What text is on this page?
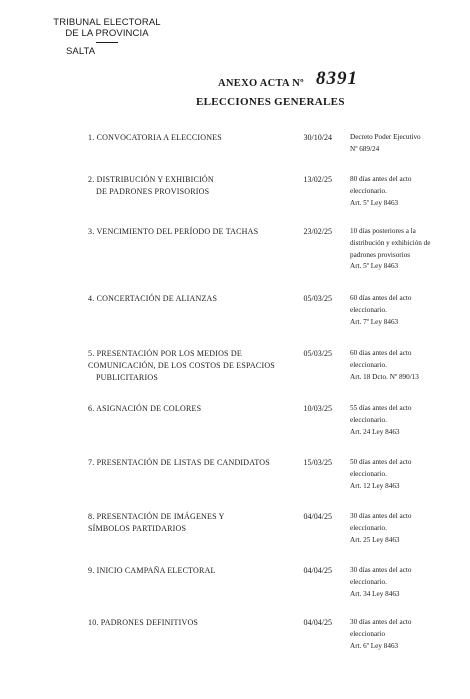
TRIBUNAL ELECTORAL
DE LA PROVINCIA
SALTA
ANEXO ACTA Nº 8391
ELECCIONES GENERALES
1. CONVOCATORIA A ELECCIONES	30/10/24	Decreto Poder Ejecutivo
Nº 689/24
2. DISTRIBUCIÓN Y EXHIBICIÓN
DE PADRONES PROVISORIOS
13/02/25	80 días antes del acto
eleccionario.
Art. 5º Ley 8463
3. VENCIMIENTO DEL PERÍODO DE TACHAS	23/02/25	10 días posteriores a la
distribución y exhibición de
padrones provisorios
Art. 5º Ley 8463
4. CONCERTACIÓN DE ALIANZAS	05/03/25	60 días antes del acto
eleccionario.
Art. 7º Ley 8463
5. PRESENTACIÓN POR LOS MEDIOS DE
COMUNICACIÓN, DE LOS COSTOS DE ESPACIOS
PUBLICITARIOS
05/03/25	60 días antes del acto
eleccionario.
Art. 18 Dcto. Nº 890/13
6. ASIGNACIÓN DE COLORES	10/03/25	55 días antes del acto
eleccionario.
Art. 24 Ley 8463
7. PRESENTACIÓN DE LISTAS DE CANDIDATOS	15/03/25	50 días antes del acto
eleccionario.
Art. 12 Ley 8463
8. PRESENTACIÓN DE IMÁGENES Y
SÍMBOLOS PARTIDARIOS
04/04/25	30 días antes del acto
eleccionario.
Art. 25 Ley 8463
9. INICIO CAMPAÑA ELECTORAL	04/04/25	30 días antes del acto
eleccionario.
Art. 34 Ley 8463
10. PADRONES DEFINITIVOS	04/04/25	30 días antes del acto
eleccionario
Art. 6º Ley 8463
